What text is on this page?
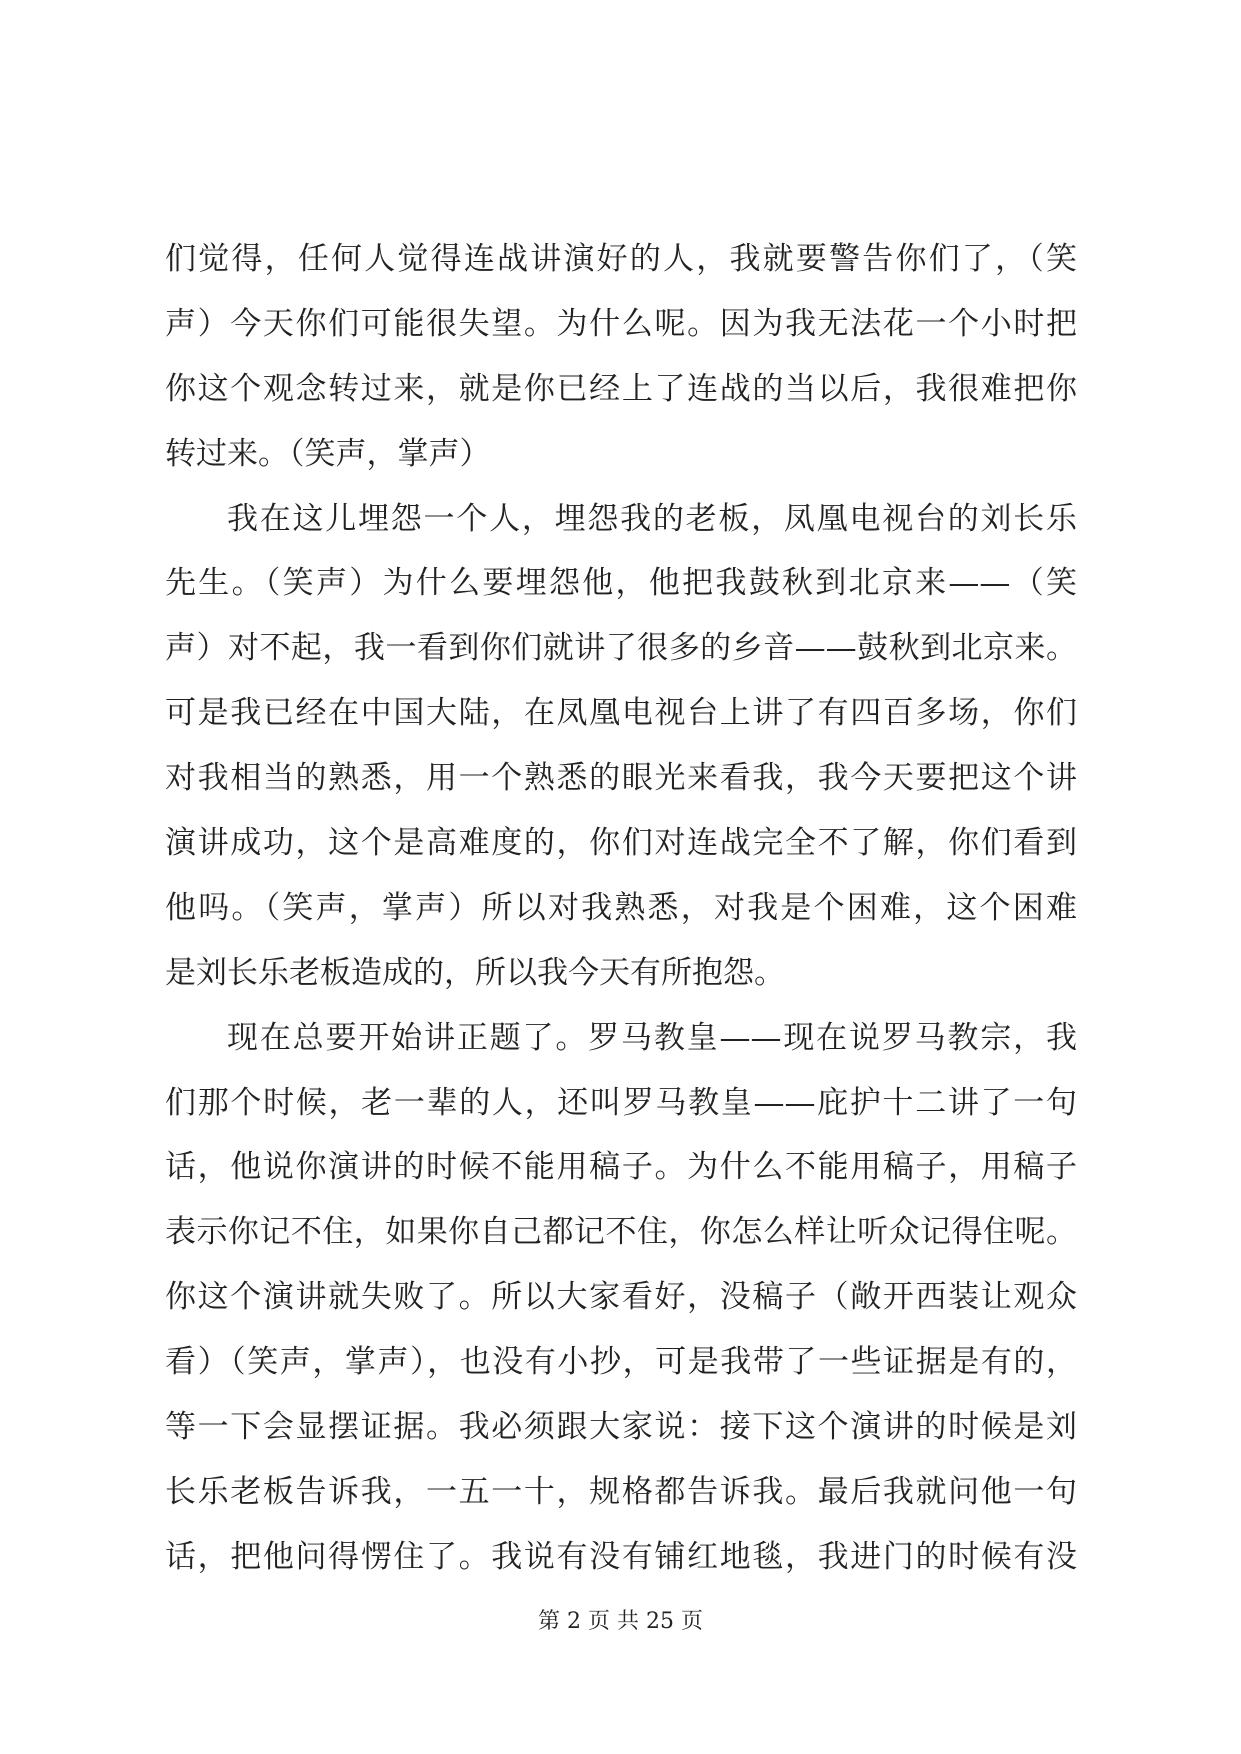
们觉得，任何人觉得连战讲演好的人，我就要警告你们了，（笑
声）今天你们可能很失望。为什么呢。因为我无法花一个小时把
你这个观念转过来，就是你已经上了连战的当以后，我很难把你
转过来。（笑声，掌声）
我在这儿埋怨一个人，埋怨我的老板，凤凰电视台的刘长乐
先生。（笑声）为什么要埋怨他，他把我鼓秋到北京来——（笑
声）对不起，我一看到你们就讲了很多的乡音——鼓秋到北京来。
可是我已经在中国大陆，在凤凰电视台上讲了有四百多场，你们
对我相当的熟悉，用一个熟悉的眼光来看我，我今天要把这个讲
演讲成功，这个是高难度的，你们对连战完全不了解，你们看到
他吗。（笑声，掌声）所以对我熟悉，对我是个困难，这个困难
是刘长乐老板造成的，所以我今天有所抱怨。
现在总要开始讲正题了。罗马教皇——现在说罗马教宗，我
们那个时候，老一辈的人，还叫罗马教皇——庇护十二讲了一句
话，他说你演讲的时候不能用稿子。为什么不能用稿子，用稿子
表示你记不住，如果你自己都记不住，你怎么样让听众记得住呢。
你这个演讲就失败了。所以大家看好，没稿子（敞开西装让观众
看）（笑声，掌声），也没有小抄，可是我带了一些证据是有的，
等一下会显摆证据。我必须跟大家说：接下这个演讲的时候是刘
长乐老板告诉我，一五一十，规格都告诉我。最后我就问他一句
话，把他问得愣住了。我说有没有铺红地毯，我进门的时候有没
第 2 页 共 25 页
